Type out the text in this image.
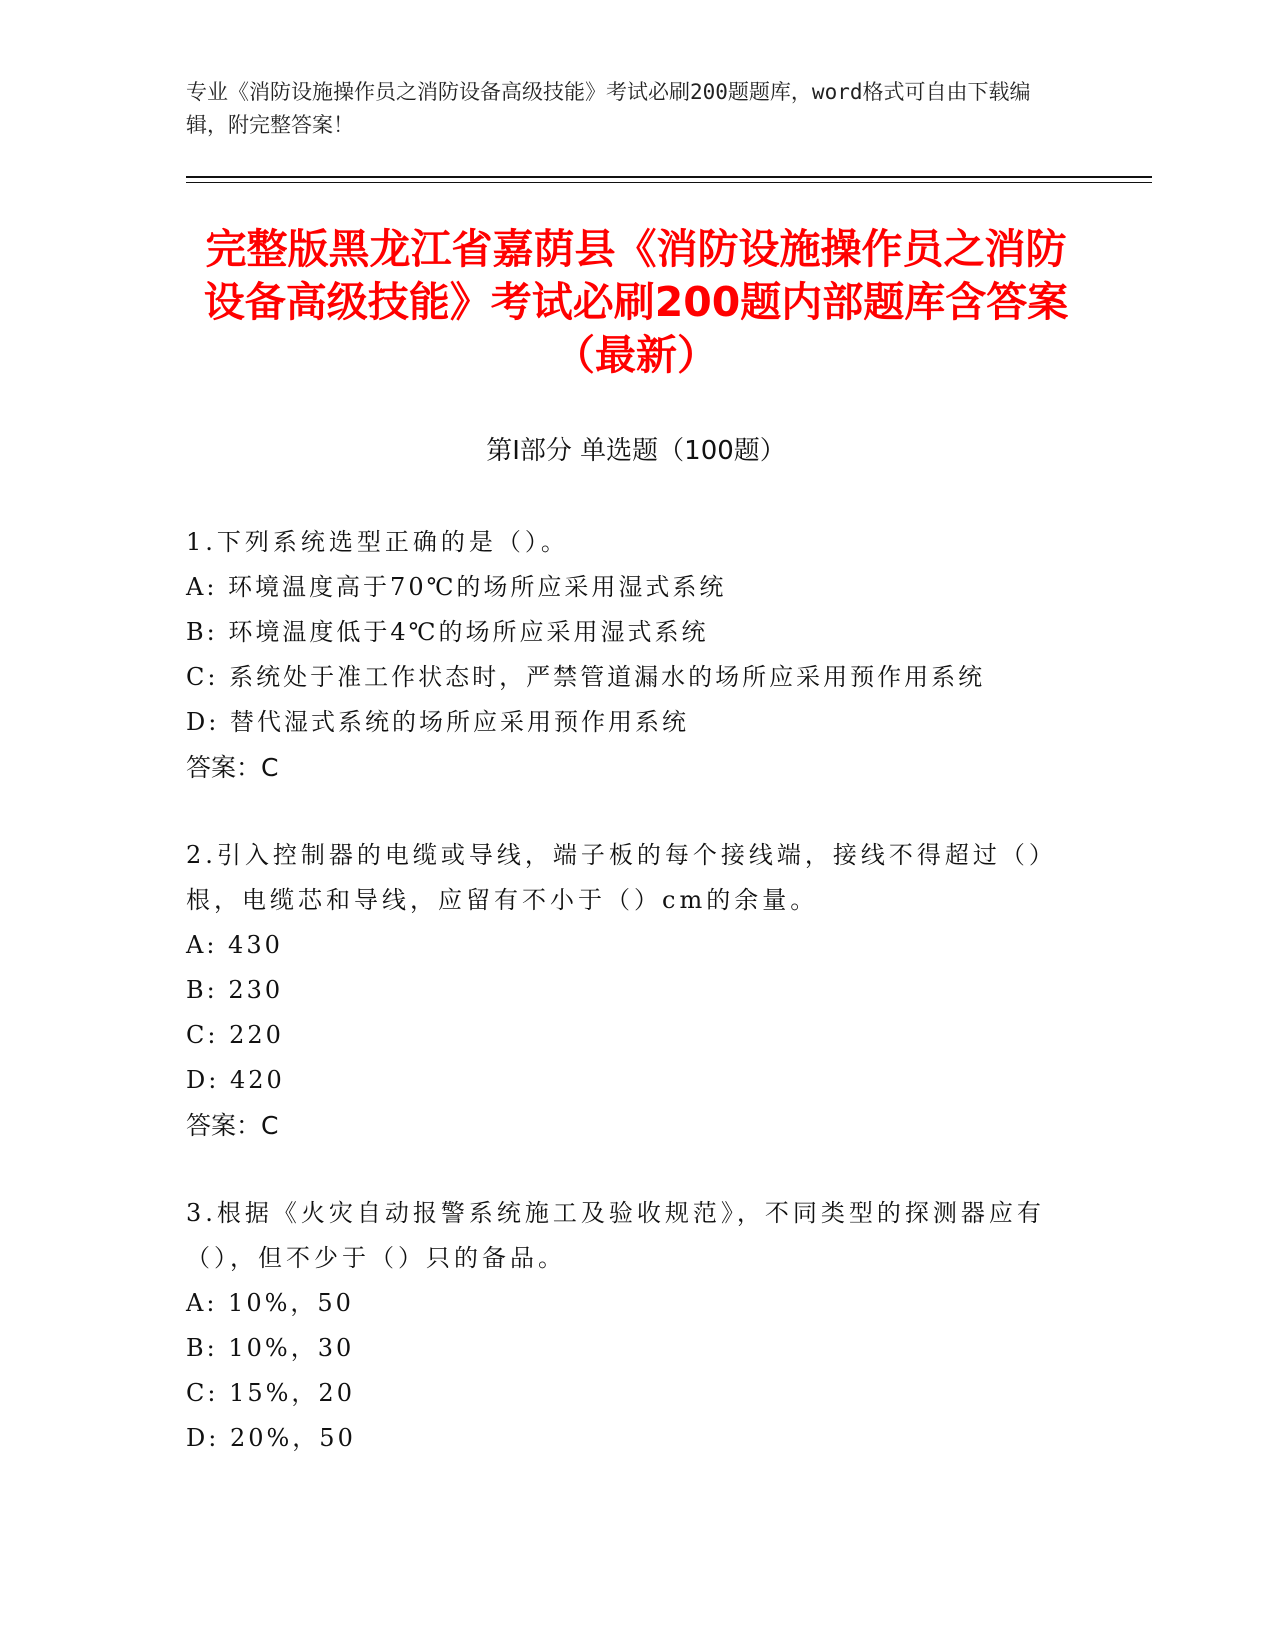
专业《消防设施操作员之消防设备高级技能》考试必刷200题题库，word格式可自由下载编辑，附完整答案！
完整版黑龙江省嘉荫县《消防设施操作员之消防设备高级技能》考试必刷200题内部题库含答案（最新）
第Ⅰ部分 单选题（100题）

1.下列系统选型正确的是（）。

A: 环境温度高于70℃的场所应采用湿式系统

B: 环境温度低于4℃的场所应采用湿式系统

C: 系统处于准工作状态时，严禁管道漏水的场所应采用预作用系统

D: 替代湿式系统的场所应采用预作用系统

答案：C

2.引入控制器的电缆或导线，端子板的每个接线端，接线不得超过（）根，电缆芯和导线，应留有不小于（）cm的余量。

A: 430

B: 230

C: 220

D: 420

答案：C

3.根据《火灾自动报警系统施工及验收规范》，不同类型的探测器应有（），但不少于（）只的备品。

A: 10%，50

B: 10%，30

C: 15%，20

D: 20%，50
